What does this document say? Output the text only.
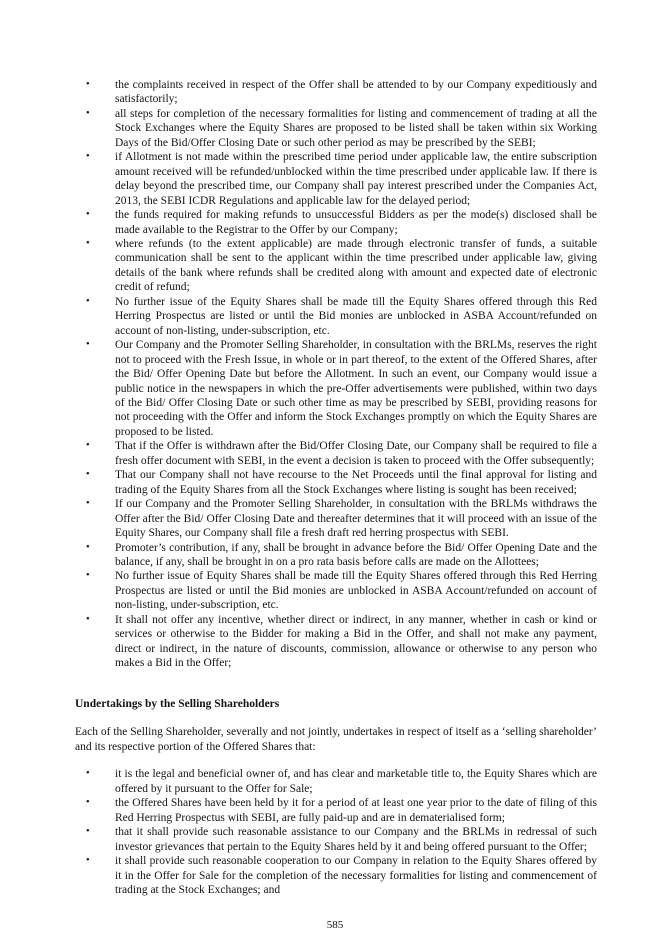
• the complaints received in respect of the Offer shall be attended to by our Company expeditiously and satisfactorily;
• all steps for completion of the necessary formalities for listing and commencement of trading at all the Stock Exchanges where the Equity Shares are proposed to be listed shall be taken within six Working Days of the Bid/Offer Closing Date or such other period as may be prescribed by the SEBI;
• if Allotment is not made within the prescribed time period under applicable law, the entire subscription amount received will be refunded/unblocked within the time prescribed under applicable law. If there is delay beyond the prescribed time, our Company shall pay interest prescribed under the Companies Act, 2013, the SEBI ICDR Regulations and applicable law for the delayed period;
• the funds required for making refunds to unsuccessful Bidders as per the mode(s) disclosed shall be made available to the Registrar to the Offer by our Company;
• where refunds (to the extent applicable) are made through electronic transfer of funds, a suitable communication shall be sent to the applicant within the time prescribed under applicable law, giving details of the bank where refunds shall be credited along with amount and expected date of electronic credit of refund;
• No further issue of the Equity Shares shall be made till the Equity Shares offered through this Red Herring Prospectus are listed or until the Bid monies are unblocked in ASBA Account/refunded on account of non-listing, under-subscription, etc.
• Our Company and the Promoter Selling Shareholder, in consultation with the BRLMs, reserves the right not to proceed with the Fresh Issue, in whole or in part thereof, to the extent of the Offered Shares, after the Bid/ Offer Opening Date but before the Allotment. In such an event, our Company would issue a public notice in the newspapers in which the pre-Offer advertisements were published, within two days of the Bid/ Offer Closing Date or such other time as may be prescribed by SEBI, providing reasons for not proceeding with the Offer and inform the Stock Exchanges promptly on which the Equity Shares are proposed to be listed.
• That if the Offer is withdrawn after the Bid/Offer Closing Date, our Company shall be required to file a fresh offer document with SEBI, in the event a decision is taken to proceed with the Offer subsequently;
• That our Company shall not have recourse to the Net Proceeds until the final approval for listing and trading of the Equity Shares from all the Stock Exchanges where listing is sought has been received;
• If our Company and the Promoter Selling Shareholder, in consultation with the BRLMs withdraws the Offer after the Bid/ Offer Closing Date and thereafter determines that it will proceed with an issue of the Equity Shares, our Company shall file a fresh draft red herring prospectus with SEBI.
• Promoter’s contribution, if any, shall be brought in advance before the Bid/ Offer Opening Date and the balance, if any, shall be brought in on a pro rata basis before calls are made on the Allottees;
• No further issue of Equity Shares shall be made till the Equity Shares offered through this Red Herring Prospectus are listed or until the Bid monies are unblocked in ASBA Account/refunded on account of non-listing, under-subscription, etc.
• It shall not offer any incentive, whether direct or indirect, in any manner, whether in cash or kind or services or otherwise to the Bidder for making a Bid in the Offer, and shall not make any payment, direct or indirect, in the nature of discounts, commission, allowance or otherwise to any person who makes a Bid in the Offer;
Undertakings by the Selling Shareholders

Each of the Selling Shareholder, severally and not jointly, undertakes in respect of itself as a ‘selling shareholder’ and its respective portion of the Offered Shares that:

• it is the legal and beneficial owner of, and has clear and marketable title to, the Equity Shares which are offered by it pursuant to the Offer for Sale;
• the Offered Shares have been held by it for a period of at least one year prior to the date of filing of this Red Herring Prospectus with SEBI, are fully paid-up and are in dematerialised form;
• that it shall provide such reasonable assistance to our Company and the BRLMs in redressal of such investor grievances that pertain to the Equity Shares held by it and being offered pursuant to the Offer;
• it shall provide such reasonable cooperation to our Company in relation to the Equity Shares offered by it in the Offer for Sale for the completion of the necessary formalities for listing and commencement of trading at the Stock Exchanges; and
585
